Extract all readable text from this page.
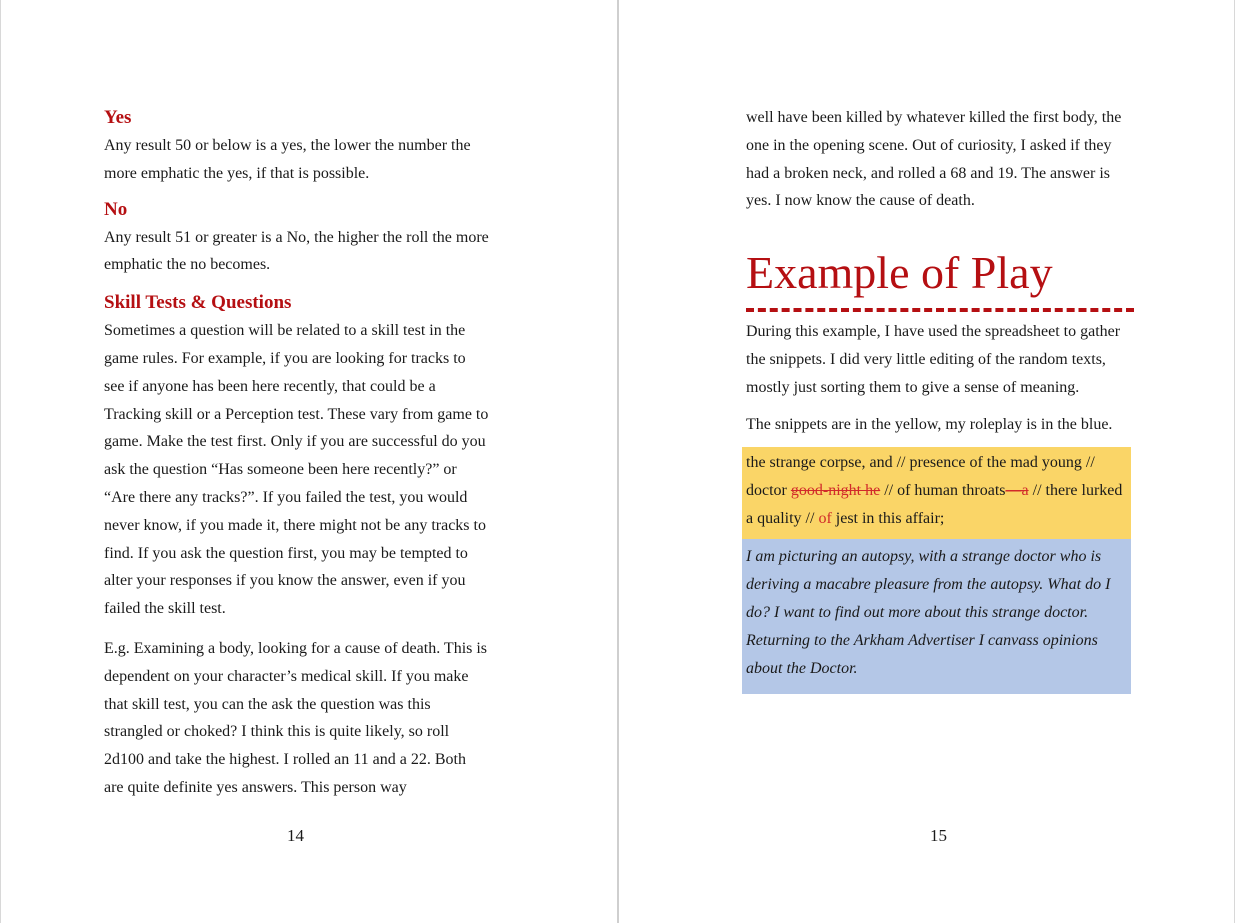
Yes

Any result 50 or below is a yes, the lower the number the more emphatic the yes, if that is possible.

No

Any result 51 or greater is a No, the higher the roll the more emphatic the no becomes.

Skill Tests & Questions

Sometimes a question will be related to a skill test in the game rules. For example, if you are looking for tracks to see if anyone has been here recently, that could be a Tracking skill or a Perception test. These vary from game to game. Make the test first. Only if you are successful do you ask the question “Has someone been here recently?” or “Are there any tracks?”. If you failed the test, you would never know, if you made it, there might not be any tracks to find. If you ask the question first, you may be tempted to alter your responses if you know the answer, even if you failed the skill test.

E.g. Examining a body, looking for a cause of death. This is dependent on your character’s medical skill. If you make that skill test, you can the ask the question was this strangled or choked? I think this is quite likely, so roll 2d100 and take the highest. I rolled an 11 and a 22. Both are quite definite yes answers. This person way

14

well have been killed by whatever killed the first body, the one in the opening scene. Out of curiosity, I asked if they had a broken neck, and rolled a 68 and 19. The answer is yes. I now know the cause of death.

Example of Play

During this example, I have used the spreadsheet to gather the snippets. I did very little editing of the random texts, mostly just sorting them to give a sense of meaning.

The snippets are in the yellow, my roleplay is in the blue.

the strange corpse, and // presence of the mad young // doctor good-night he // of human throats—a // there lurked a quality // of jest in this affair;

I am picturing an autopsy, with a strange doctor who is deriving a macabre pleasure from the autopsy. What do I do? I want to find out more about this strange doctor. Returning to the Arkham Advertiser I canvass opinions about the Doctor.

15
